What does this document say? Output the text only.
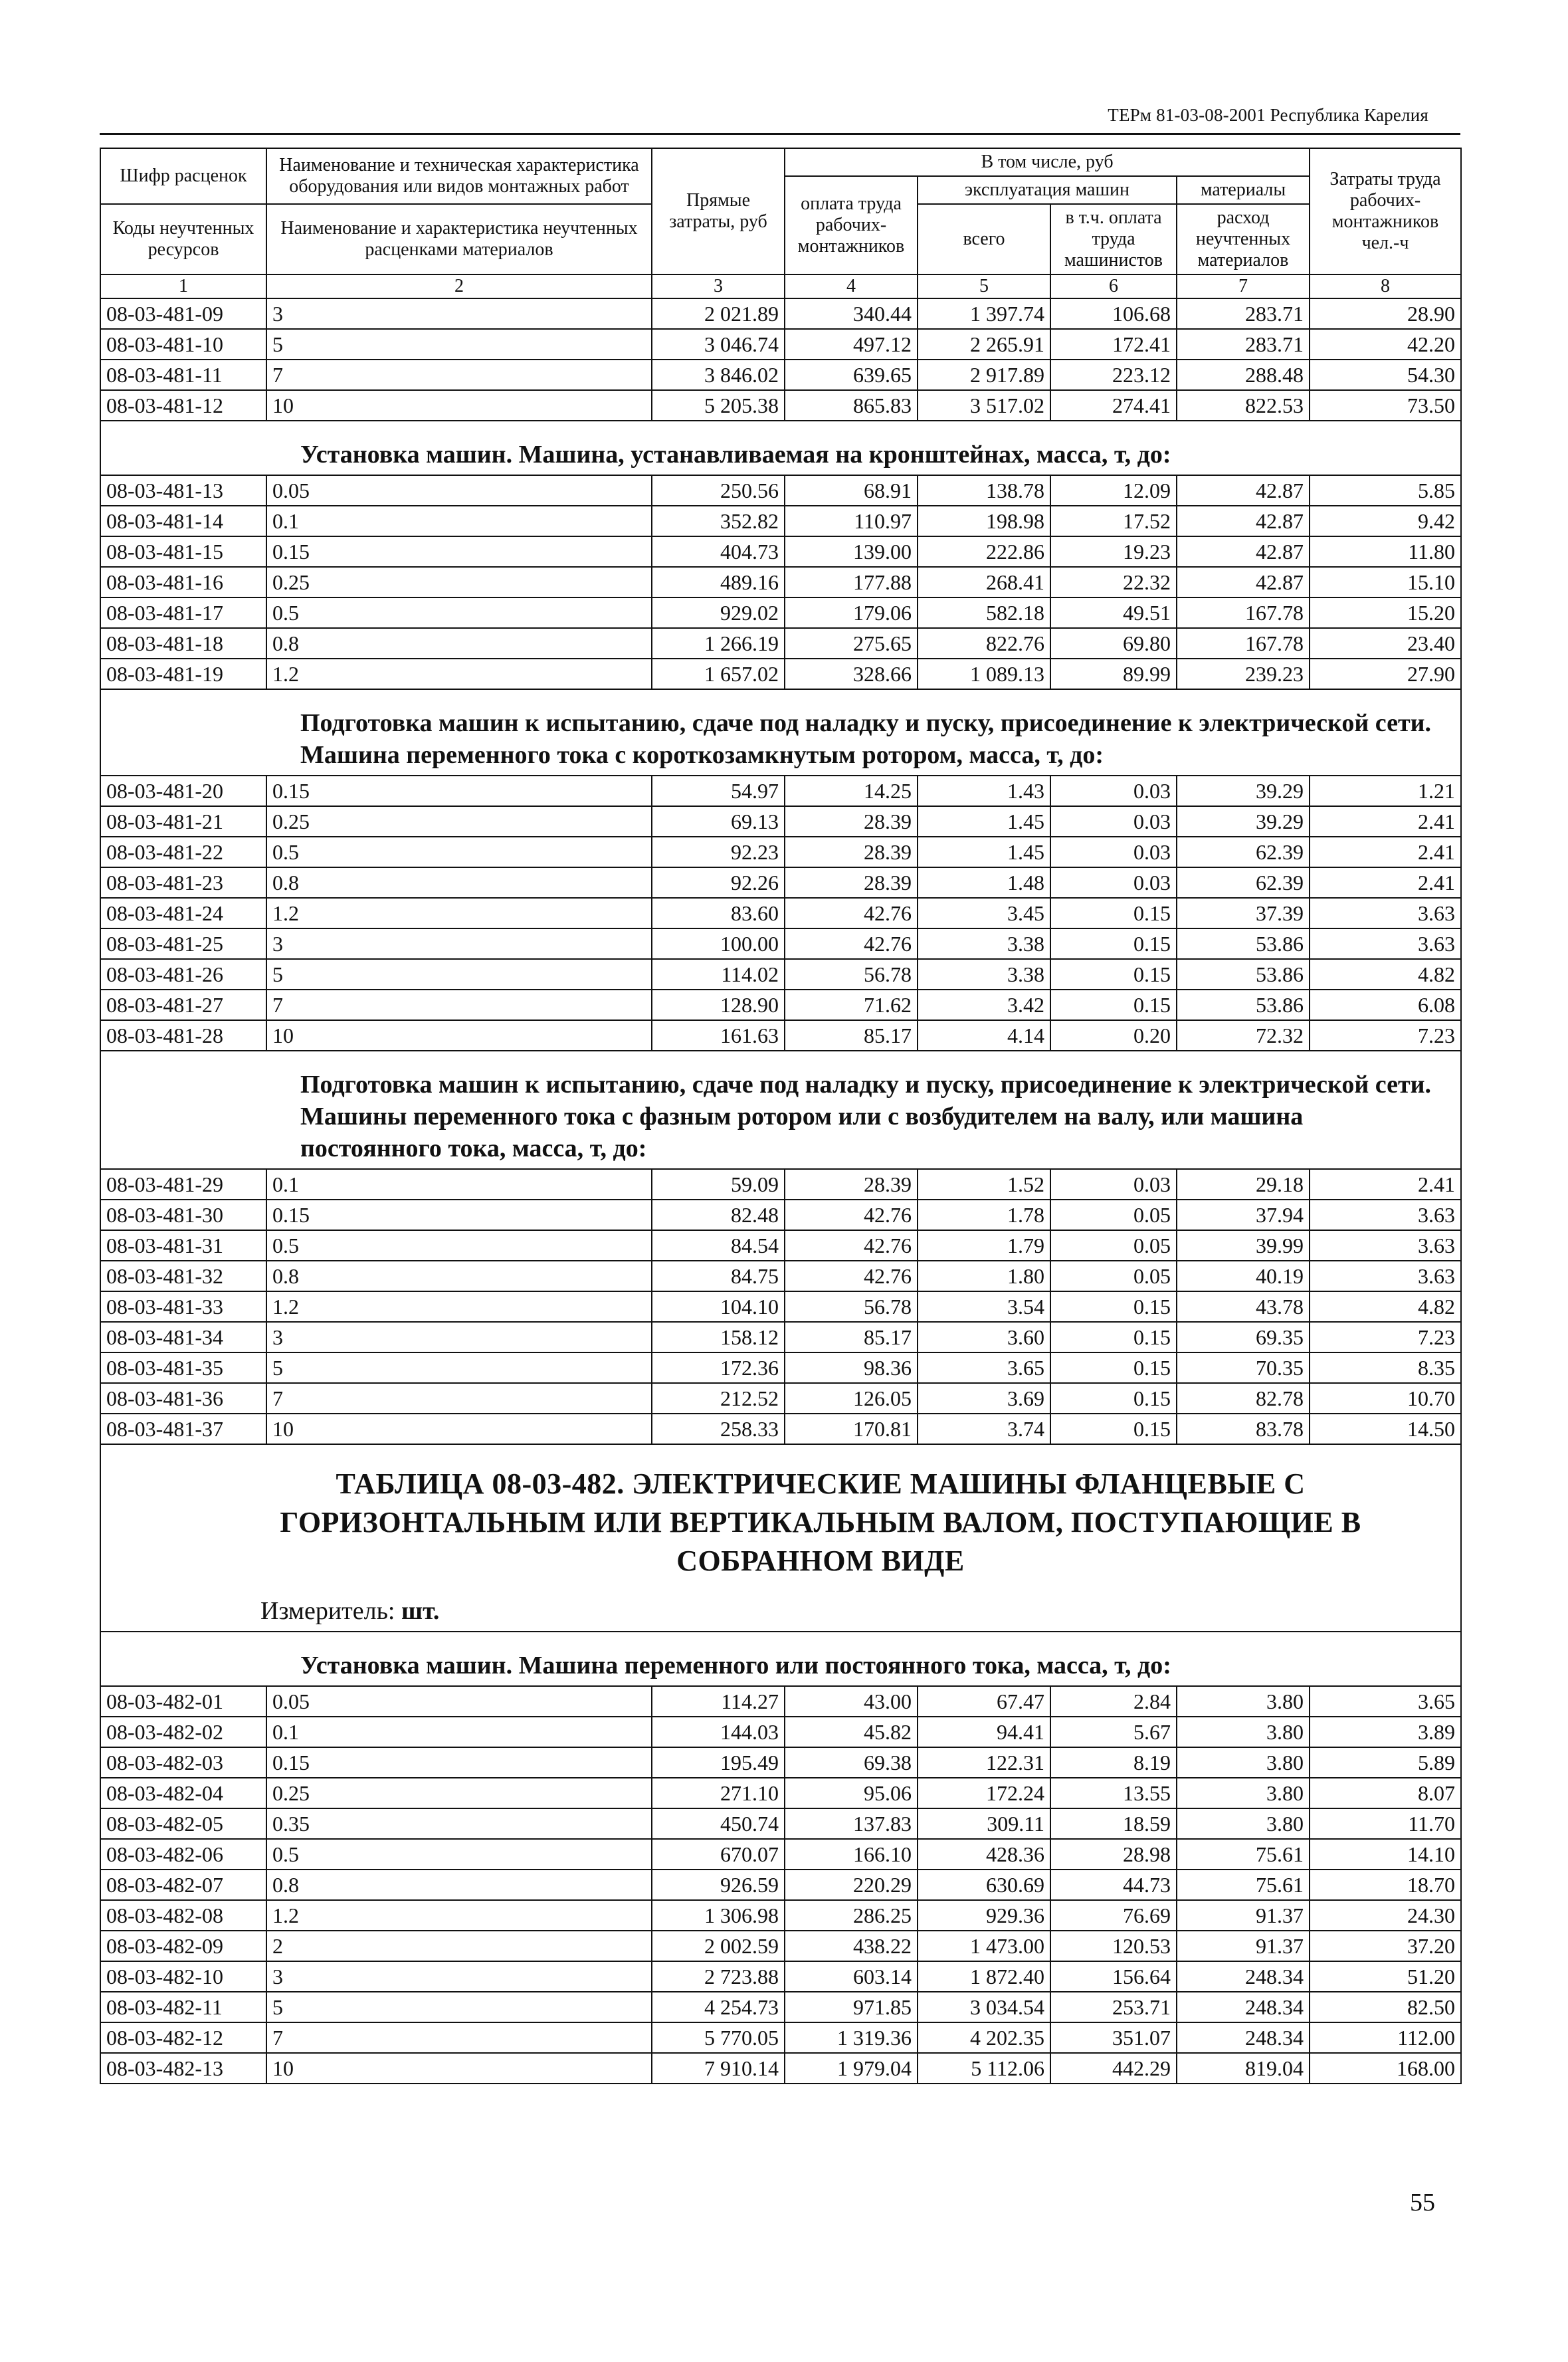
ТЕРм 81-03-08-2001 Республика Карелия
Шифр расценок	Наименование и техническая характеристика оборудования или видов монтажных работ	Прямые затраты, руб	В том числе, руб				Затраты труда рабочих-монтажников чел.-ч
			оплата труда рабочих-монтажников	эксплуатация машин		материалы	
				всего	в т.ч. оплата труда машинистов	расход неучтенных материалов	
Коды неучтенных ресурсов	Наименование и характеристика неучтенных расценками материалов						

1	2	3	4	5	6	7	8
08-03-481-09	3	2 021.89	340.44	1 397.74	106.68	283.71	28.90
08-03-481-10	5	3 046.74	497.12	2 265.91	172.41	283.71	42.20
08-03-481-11	7	3 846.02	639.65	2 917.89	223.12	288.48	54.30
08-03-481-12	10	5 205.38	865.83	3 517.02	274.41	822.53	73.50
Установка машин. Машина, устанавливаемая на кронштейнах, масса, т, до:							
08-03-481-13	0.05	250.56	68.91	138.78	12.09	42.87	5.85
08-03-481-14	0.1	352.82	110.97	198.98	17.52	42.87	9.42
08-03-481-15	0.15	404.73	139.00	222.86	19.23	42.87	11.80
08-03-481-16	0.25	489.16	177.88	268.41	22.32	42.87	15.10
08-03-481-17	0.5	929.02	179.06	582.18	49.51	167.78	15.20
08-03-481-18	0.8	1 266.19	275.65	822.76	69.80	167.78	23.40
08-03-481-19	1.2	1 657.02	328.66	1 089.13	89.99	239.23	27.90
Подготовка машин к испытанию, сдаче под наладку и пуску, присоединение к электрической сети. Машина переменного тока с короткозамкнутым ротором, масса, т, до:							
08-03-481-20	0.15	54.97	14.25	1.43	0.03	39.29	1.21
08-03-481-21	0.25	69.13	28.39	1.45	0.03	39.29	2.41
08-03-481-22	0.5	92.23	28.39	1.45	0.03	62.39	2.41
08-03-481-23	0.8	92.26	28.39	1.48	0.03	62.39	2.41
08-03-481-24	1.2	83.60	42.76	3.45	0.15	37.39	3.63
08-03-481-25	3	100.00	42.76	3.38	0.15	53.86	3.63
08-03-481-26	5	114.02	56.78	3.38	0.15	53.86	4.82
08-03-481-27	7	128.90	71.62	3.42	0.15	53.86	6.08
08-03-481-28	10	161.63	85.17	4.14	0.20	72.32	7.23
Подготовка машин к испытанию, сдаче под наладку и пуску, присоединение к электрической сети. Машины переменного тока с фазным ротором или с возбудителем на валу, или машина постоянного тока, масса, т, до:							
08-03-481-29	0.1	59.09	28.39	1.52	0.03	29.18	2.41
08-03-481-30	0.15	82.48	42.76	1.78	0.05	37.94	3.63
08-03-481-31	0.5	84.54	42.76	1.79	0.05	39.99	3.63
08-03-481-32	0.8	84.75	42.76	1.80	0.05	40.19	3.63
08-03-481-33	1.2	104.10	56.78	3.54	0.15	43.78	4.82
08-03-481-34	3	158.12	85.17	3.60	0.15	69.35	7.23
08-03-481-35	5	172.36	98.36	3.65	0.15	70.35	8.35
08-03-481-36	7	212.52	126.05	3.69	0.15	82.78	10.70
08-03-481-37	10	258.33	170.81	3.74	0.15	83.78	14.50
ТАБЛИЦА 08-03-482. ЭЛЕКТРИЧЕСКИЕ МАШИНЫ ФЛАНЦЕВЫЕ С ГОРИЗОНТАЛЬНЫМ ИЛИ ВЕРТИКАЛЬНЫМ ВАЛОМ, ПОСТУПАЮЩИЕ В СОБРАННОМ ВИДЕ							
Измеритель: шт.							
Установка машин. Машина переменного или постоянного тока, масса, т, до:							
08-03-482-01	0.05	114.27	43.00	67.47	2.84	3.80	3.65
08-03-482-02	0.1	144.03	45.82	94.41	5.67	3.80	3.89
08-03-482-03	0.15	195.49	69.38	122.31	8.19	3.80	5.89
08-03-482-04	0.25	271.10	95.06	172.24	13.55	3.80	8.07
08-03-482-05	0.35	450.74	137.83	309.11	18.59	3.80	11.70
08-03-482-06	0.5	670.07	166.10	428.36	28.98	75.61	14.10
08-03-482-07	0.8	926.59	220.29	630.69	44.73	75.61	18.70
08-03-482-08	1.2	1 306.98	286.25	929.36	76.69	91.37	24.30
08-03-482-09	2	2 002.59	438.22	1 473.00	120.53	91.37	37.20
08-03-482-10	3	2 723.88	603.14	1 872.40	156.64	248.34	51.20
08-03-482-11	5	4 254.73	971.85	3 034.54	253.71	248.34	82.50
08-03-482-12	7	5 770.05	1 319.36	4 202.35	351.07	248.34	112.00
08-03-482-13	10	7 910.14	1 979.04	5 112.06	442.29	819.04	168.00
55
